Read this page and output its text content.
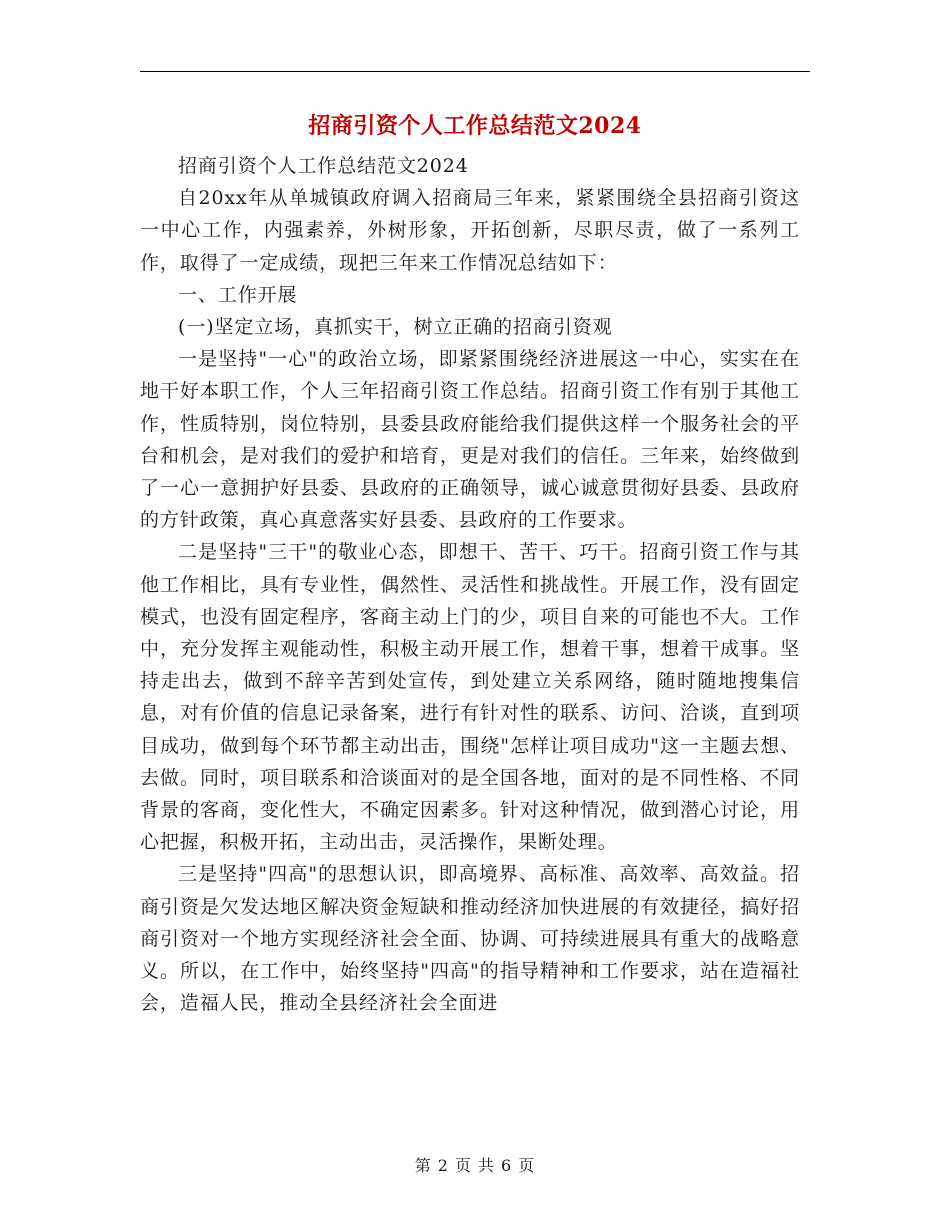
招商引资个人工作总结范文2024

招商引资个人工作总结范文2024

自20xx年从单城镇政府调入招商局三年来，紧紧围绕全县招商引资这一中心工作，内强素养，外树形象，开拓创新，尽职尽责，做了一系列工作，取得了一定成绩，现把三年来工作情况总结如下：

一、工作开展

(一)坚定立场，真抓实干，树立正确的招商引资观

一是坚持"一心"的政治立场，即紧紧围绕经济进展这一中心，实实在在地干好本职工作，个人三年招商引资工作总结。招商引资工作有别于其他工作，性质特别，岗位特别，县委县政府能给我们提供这样一个服务社会的平台和机会，是对我们的爱护和培育，更是对我们的信任。三年来，始终做到了一心一意拥护好县委、县政府的正确领导，诚心诚意贯彻好县委、县政府的方针政策，真心真意落实好县委、县政府的工作要求。

二是坚持"三干"的敬业心态，即想干、苦干、巧干。招商引资工作与其他工作相比，具有专业性，偶然性、灵活性和挑战性。开展工作，没有固定模式，也没有固定程序，客商主动上门的少，项目自来的可能也不大。工作中，充分发挥主观能动性，积极主动开展工作，想着干事，想着干成事。坚持走出去，做到不辞辛苦到处宣传，到处建立关系网络，随时随地搜集信息，对有价值的信息记录备案，进行有针对性的联系、访问、洽谈，直到项目成功，做到每个环节都主动出击，围绕"怎样让项目成功"这一主题去想、去做。同时，项目联系和洽谈面对的是全国各地，面对的是不同性格、不同背景的客商，变化性大，不确定因素多。针对这种情况，做到潜心讨论，用心把握，积极开拓，主动出击，灵活操作，果断处理。

三是坚持"四高"的思想认识，即高境界、高标准、高效率、高效益。招商引资是欠发达地区解决资金短缺和推动经济加快进展的有效捷径，搞好招商引资对一个地方实现经济社会全面、协调、可持续进展具有重大的战略意义。所以，在工作中，始终坚持"四高"的指导精神和工作要求，站在造福社会，造福人民，推动全县经济社会全面进

第 2 页 共 6 页
